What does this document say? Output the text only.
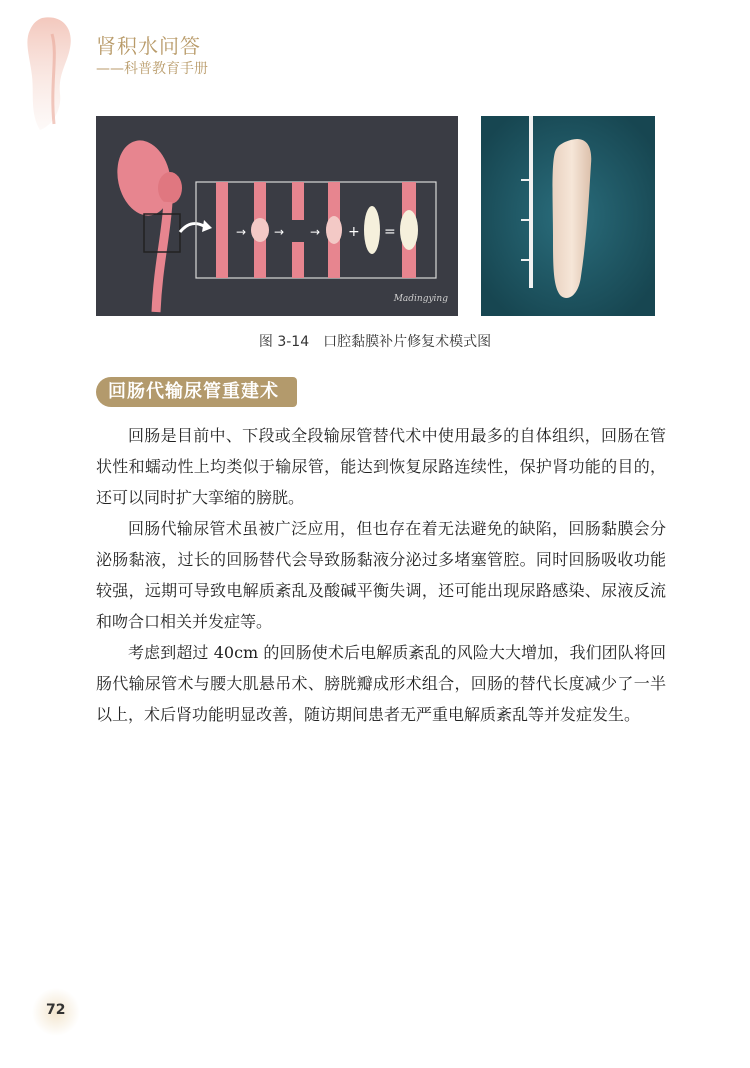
肾积水问答
——科普教育手册
→ → → + =
Madingying
图 3-14 口腔黏膜补片修复术模式图
回肠代输尿管重建术

回肠是目前中、下段或全段输尿管替代术中使用最多的自体组织，回肠在管状性和蠕动性上均类似于输尿管，能达到恢复尿路连续性，保护肾功能的目的，还可以同时扩大挛缩的膀胱。

回肠代输尿管术虽被广泛应用，但也存在着无法避免的缺陷，回肠黏膜会分泌肠黏液，过长的回肠替代会导致肠黏液分泌过多堵塞管腔。同时回肠吸收功能较强，远期可导致电解质紊乱及酸碱平衡失调，还可能出现尿路感染、尿液反流和吻合口相关并发症等。

考虑到超过 40cm 的回肠使术后电解质紊乱的风险大大增加，我们团队将回肠代输尿管术与腰大肌悬吊术、膀胱瓣成形术组合，回肠的替代长度减少了一半以上，术后肾功能明显改善，随访期间患者无严重电解质紊乱等并发症发生。

72
